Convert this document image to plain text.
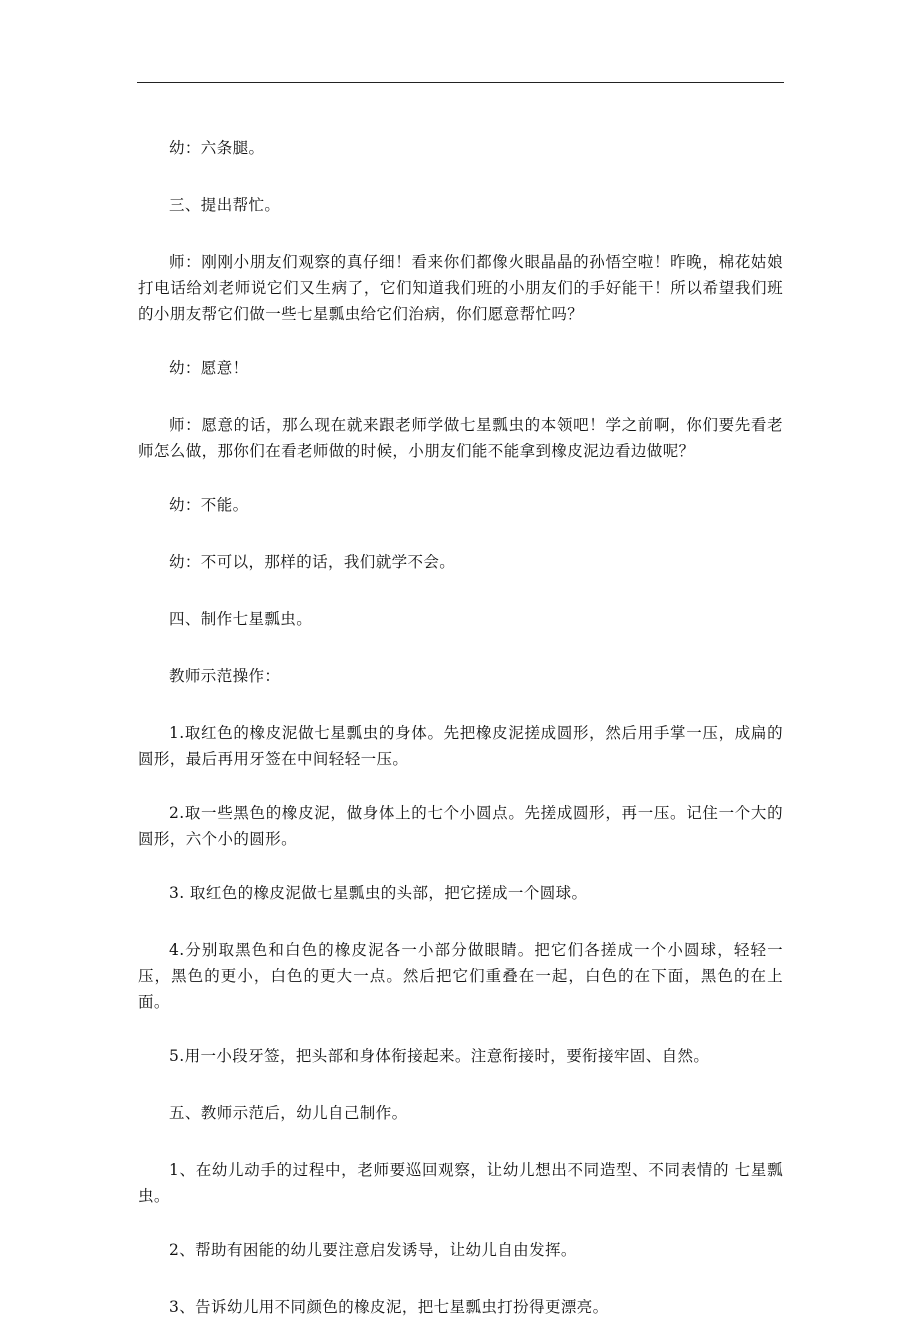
幼：六条腿。

三、提出帮忙。

师：刚刚小朋友们观察的真仔细！看来你们都像火眼晶晶的孙悟空啦！昨晚，棉花姑娘打电话给刘老师说它们又生病了，它们知道我们班的小朋友们的手好能干！所以希望我们班的小朋友帮它们做一些七星瓢虫给它们治病，你们愿意帮忙吗？

幼：愿意！

师：愿意的话，那么现在就来跟老师学做七星瓢虫的本领吧！学之前啊，你们要先看老师怎么做，那你们在看老师做的时候，小朋友们能不能拿到橡皮泥边看边做呢？

幼：不能。

幼：不可以，那样的话，我们就学不会。

四、制作七星瓢虫。

教师示范操作：

1.取红色的橡皮泥做七星瓢虫的身体。先把橡皮泥搓成圆形，然后用手掌一压，成扁的圆形，最后再用牙签在中间轻轻一压。

2.取一些黑色的橡皮泥，做身体上的七个小圆点。先搓成圆形，再一压。记住一个大的圆形，六个小的圆形。

3. 取红色的橡皮泥做七星瓢虫的头部，把它搓成一个圆球。

4.分别取黑色和白色的橡皮泥各一小部分做眼睛。把它们各搓成一个小圆球，轻轻一压，黑色的更小，白色的更大一点。然后把它们重叠在一起，白色的在下面，黑色的在上面。

5.用一小段牙签，把头部和身体衔接起来。注意衔接时，要衔接牢固、自然。

五、教师示范后，幼儿自己制作。

1、在幼儿动手的过程中，老师要巡回观察，让幼儿想出不同造型、不同表情的 七星瓢虫。

2、帮助有困能的幼儿要注意启发诱导，让幼儿自由发挥。

3、告诉幼儿用不同颜色的橡皮泥，把七星瓢虫打扮得更漂亮。
